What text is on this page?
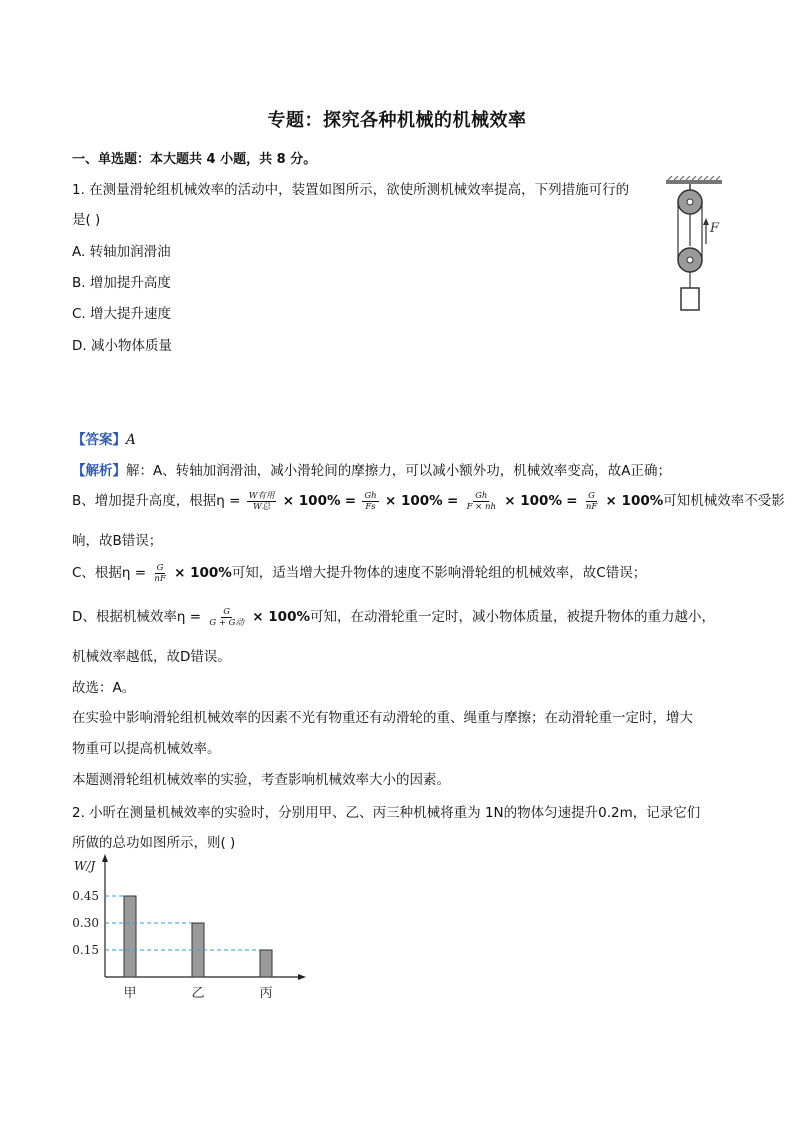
专题：探究各种机械的机械效率
一、单选题：本大题共 4 小题，共 8 分。
1. 在测量滑轮组机械效率的活动中，装置如图所示，欲使所测机械效率提高，下列措施可行的
是( )
A. 转轴加润滑油
B. 增加提升高度
C. 增大提升速度
D. 减小物体质量
F
【答案】A
【解析】解：A、转轴加润滑油，减小滑轮间的摩擦力，可以减小额外功，机械效率变高，故A正确；
B、增加提升高度，根据$\eta = \frac{\text{W有用}}{\text{W总}} \times 100\% = \frac{Gh}{Fs} \times 100\% = \frac{Gh}{F \times nh} \times 100\% = \frac{G}{nF} \times 100\%$可知机械效率不受影
响，故B错误；
C、根据$\eta = \frac{G}{nF} \times 100\%$可知，适当增大提升物体的速度不影响滑轮组的机械效率，故C错误；
D、根据机械效率$\eta = \frac{G}{\text{G + G动}} \times 100\%$可知，在动滑轮重一定时，减小物体质量，被提升物体的重力越小，
机械效率越低，故D错误。
故选：A。
在实验中影响滑轮组机械效率的因素不光有物重还有动滑轮的重、绳重与摩擦；在动滑轮重一定时，增大
物重可以提高机械效率。
本题测滑轮组机械效率的实验，考查影响机械效率大小的因素。
2. 小昕在测量机械效率的实验时，分别用甲、乙、丙三种机械将重为 1N的物体匀速提升0.2m，记录它们
所做的总功如图所示，则( )
W/J
0.45
甲
0.30
乙
0.15
丙
